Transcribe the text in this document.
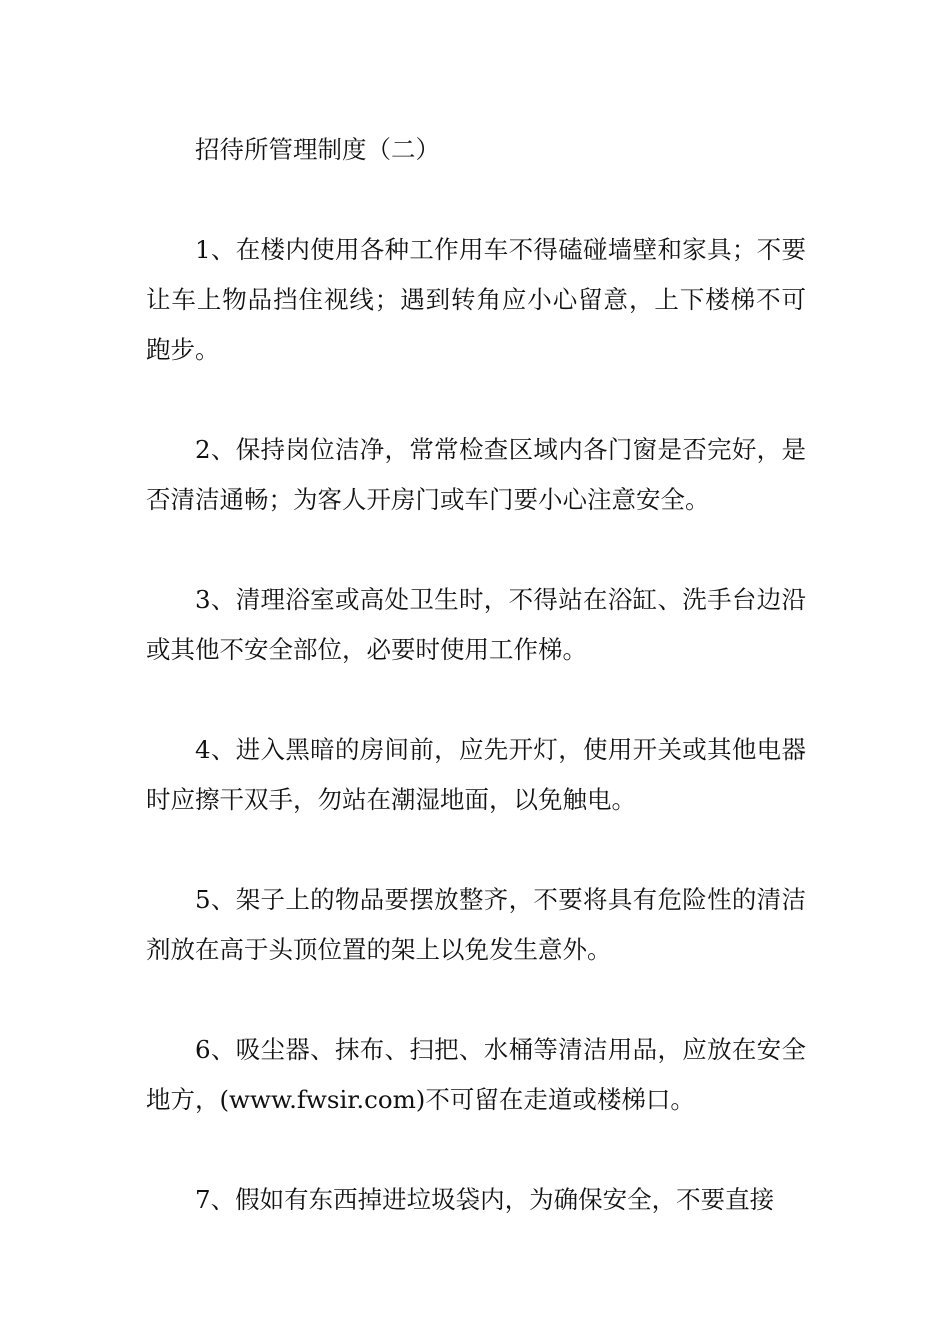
招待所管理制度（二）

1、在楼内使用各种工作用车不得磕碰墙壁和家具；不要让车上物品挡住视线；遇到转角应小心留意，上下楼梯不可跑步。

2、保持岗位洁净，常常检查区域内各门窗是否完好，是否清洁通畅；为客人开房门或车门要小心注意安全。

3、清理浴室或高处卫生时，不得站在浴缸、洗手台边沿或其他不安全部位，必要时使用工作梯。

4、进入黑暗的房间前，应先开灯，使用开关或其他电器时应擦干双手，勿站在潮湿地面，以免触电。

5、架子上的物品要摆放整齐，不要将具有危险性的清洁剂放在高于头顶位置的架上以免发生意外。

6、吸尘器、抹布、扫把、水桶等清洁用品，应放在安全地方，(www.fwsir.com)不可留在走道或楼梯口。

7、假如有东西掉进垃圾袋内，为确保安全，不要直接
